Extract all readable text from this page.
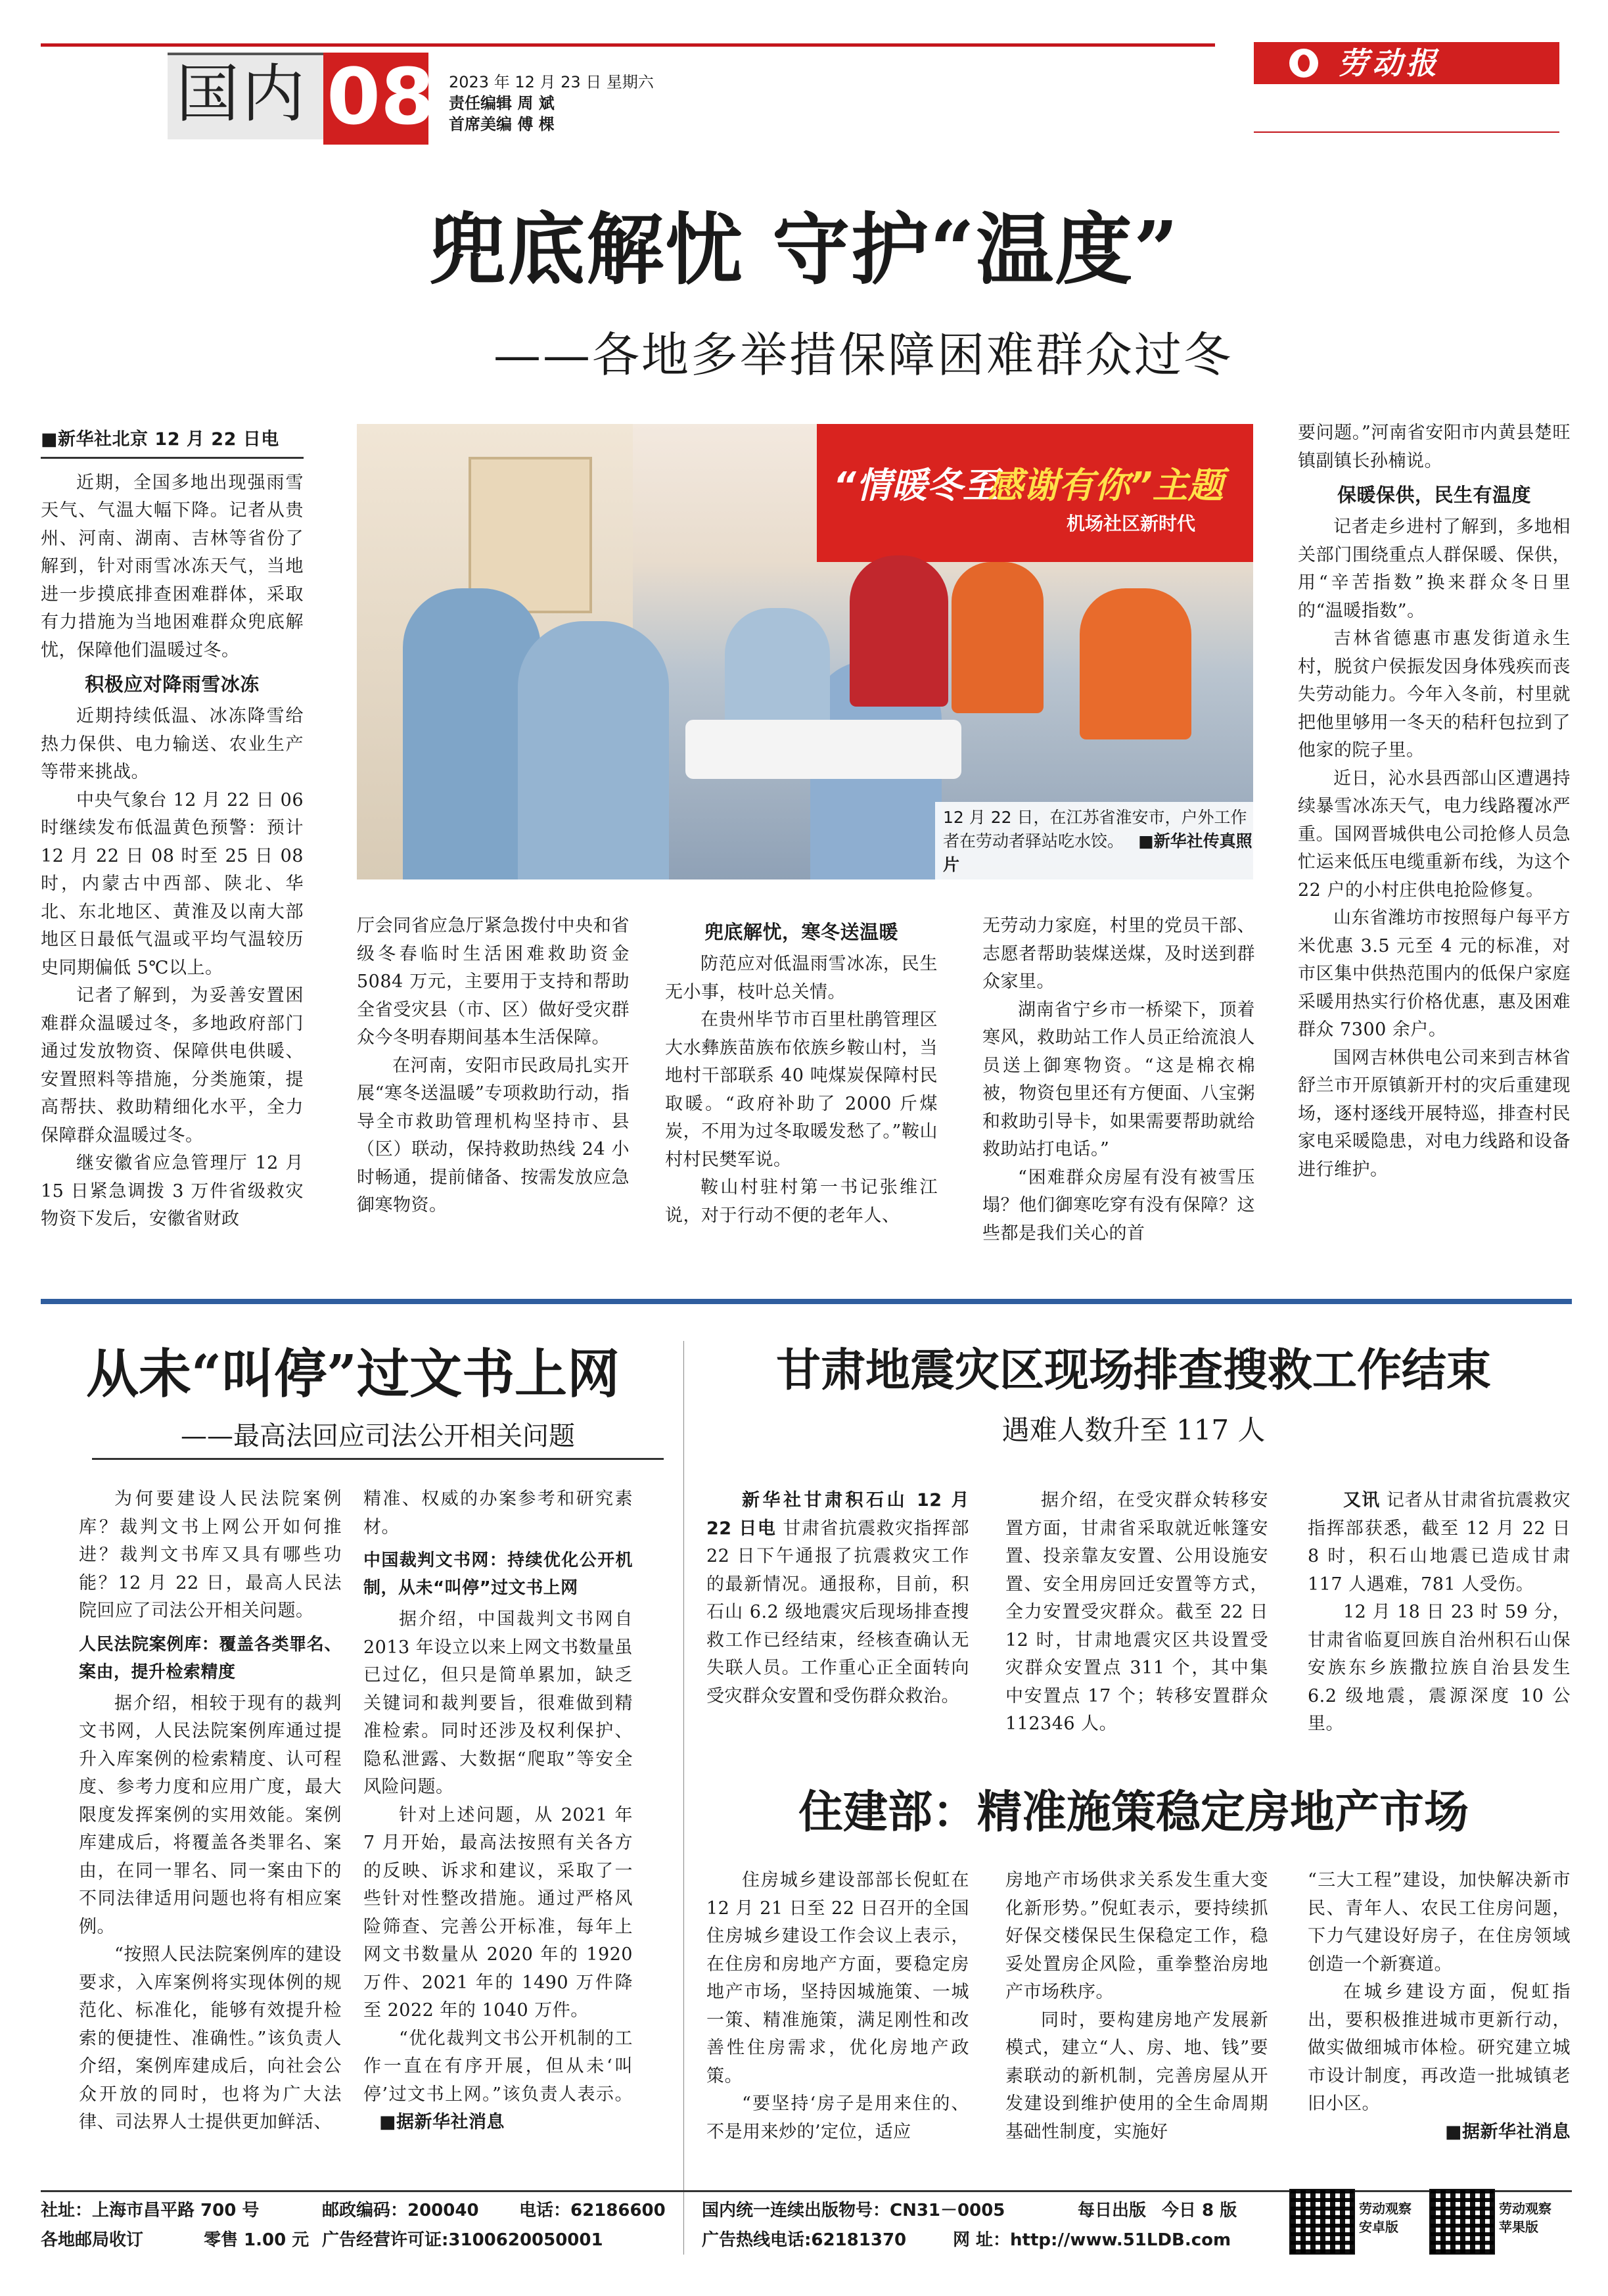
国内 08 2023 年 12 月 23 日 星期六
责任编辑 周 斌
首席美编 傅 棵
劳动报
兜底解忧 守护“温度”
——各地多举措保障困难群众过冬
■新华社北京 12 月 22 日电

近期，全国多地出现强雨雪天气、气温大幅下降。记者从贵州、河南、湖南、吉林等省份了解到，针对雨雪冰冻天气，当地进一步摸底排查困难群体，采取有力措施为当地困难群众兜底解忧，保障他们温暖过冬。

积极应对降雨雪冰冻

近期持续低温、冰冻降雪给热力保供、电力输送、农业生产等带来挑战。

中央气象台 12 月 22 日 06 时继续发布低温黄色预警：预计 12 月 22 日 08 时至 25 日 08 时，内蒙古中西部、陕北、华北、东北地区、黄淮及以南大部地区日最低气温或平均气温较历史同期偏低 5℃以上。

记者了解到，为妥善安置困难群众温暖过冬，多地政府部门通过发放物资、保障供电供暖、安置照料等措施，分类施策，提高帮扶、救助精细化水平，全力保障群众温暖过冬。

继安徽省应急管理厅 12 月 15 日紧急调拨 3 万件省级救灾物资下发后，安徽省财政

“情暖冬至
感谢有你”主题
机场社区新时代
12 月 22 日，在江苏省淮安市，户外工作者在劳动者驿站吃水饺。 ■新华社传真照片

厅会同省应急厅紧急拨付中央和省级冬春临时生活困难救助资金 5084 万元，主要用于支持和帮助全省受灾县（市、区）做好受灾群众今冬明春期间基本生活保障。

在河南，安阳市民政局扎实开展“寒冬送温暖”专项救助行动，指导全市救助管理机构坚持市、县（区）联动，保持救助热线 24 小时畅通，提前储备、按需发放应急御寒物资。

兜底解忧，寒冬送温暖

防范应对低温雨雪冰冻，民生无小事，枝叶总关情。

在贵州毕节市百里杜鹃管理区大水彝族苗族布依族乡鞍山村，当地村干部联系 40 吨煤炭保障村民取暖。“政府补助了 2000 斤煤炭，不用为过冬取暖发愁了。”鞍山村村民樊军说。

鞍山村驻村第一书记张维江说，对于行动不便的老年人、

无劳动力家庭，村里的党员干部、志愿者帮助装煤送煤，及时送到群众家里。

湖南省宁乡市一桥梁下，顶着寒风，救助站工作人员正给流浪人员送上御寒物资。“这是棉衣棉被，物资包里还有方便面、八宝粥和救助引导卡，如果需要帮助就给救助站打电话。”

“困难群众房屋有没有被雪压塌？他们御寒吃穿有没有保障？这些都是我们关心的首

要问题。”河南省安阳市内黄县楚旺镇副镇长孙楠说。

保暖保供，民生有温度

记者走乡进村了解到，多地相关部门围绕重点人群保暖、保供，用“辛苦指数”换来群众冬日里的“温暖指数”。

吉林省德惠市惠发街道永生村，脱贫户侯振发因身体残疾而丧失劳动能力。今年入冬前，村里就把他里够用一冬天的秸秆包拉到了他家的院子里。

近日，沁水县西部山区遭遇持续暴雪冰冻天气，电力线路覆冰严重。国网晋城供电公司抢修人员急忙运来低压电缆重新布线，为这个 22 户的小村庄供电抢险修复。

山东省潍坊市按照每户每平方米优惠 3.5 元至 4 元的标准，对市区集中供热范围内的低保户家庭采暖用热实行价格优惠，惠及困难群众 7300 余户。

国网吉林供电公司来到吉林省舒兰市开原镇新开村的灾后重建现场，逐村逐线开展特巡，排查村民家电采暖隐患，对电力线路和设备进行维护。

从未“叫停”过文书上网
——最高法回应司法公开相关问题

为何要建设人民法院案例库？裁判文书上网公开如何推进？裁判文书库又具有哪些功能？12 月 22 日，最高人民法院回应了司法公开相关问题。

人民法院案例库：覆盖各类罪名、案由，提升检索精度

据介绍，相较于现有的裁判文书网，人民法院案例库通过提升入库案例的检索精度、认可程度、参考力度和应用广度，最大限度发挥案例的实用效能。案例库建成后，将覆盖各类罪名、案由，在同一罪名、同一案由下的不同法律适用问题也将有相应案例。

“按照人民法院案例库的建设要求，入库案例将实现体例的规范化、标准化，能够有效提升检索的便捷性、准确性。”该负责人介绍，案例库建成后，向社会公众开放的同时，也将为广大法律、司法界人士提供更加鲜活、

精准、权威的办案参考和研究素材。

中国裁判文书网：持续优化公开机制，从未“叫停”过文书上网

据介绍，中国裁判文书网自 2013 年设立以来上网文书数量虽已过亿，但只是简单累加，缺乏关键词和裁判要旨，很难做到精准检索。同时还涉及权利保护、隐私泄露、大数据“爬取”等安全风险问题。

针对上述问题，从 2021 年 7 月开始，最高法按照有关各方的反映、诉求和建议，采取了一些针对性整改措施。通过严格风险筛查、完善公开标准，每年上网文书数量从 2020 年的 1920 万件、2021 年的 1490 万件降至 2022 年的 1040 万件。

“优化裁判文书公开机制的工作一直在有序开展，但从未‘叫停’过文书上网。”该负责人表示。 ■据新华社消息

甘肃地震灾区现场排查搜救工作结束
遇难人数升至 117 人

新华社甘肃积石山 12 月 22 日电 甘肃省抗震救灾指挥部 22 日下午通报了抗震救灾工作的最新情况。通报称，目前，积石山 6.2 级地震灾后现场排查搜救工作已经结束，经核查确认无失联人员。工作重心正全面转向受灾群众安置和受伤群众救治。

据介绍，在受灾群众转移安置方面，甘肃省采取就近帐篷安置、投亲靠友安置、公用设施安置、安全用房回迁安置等方式，全力安置受灾群众。截至 22 日 12 时，甘肃地震灾区共设置受灾群众安置点 311 个，其中集中安置点 17 个；转移安置群众 112346 人。

又讯 记者从甘肃省抗震救灾指挥部获悉，截至 12 月 22 日 8 时，积石山地震已造成甘肃 117 人遇难，781 人受伤。

12 月 18 日 23 时 59 分，甘肃省临夏回族自治州积石山保安族东乡族撒拉族自治县发生 6.2 级地震，震源深度 10 公里。

住建部：精准施策稳定房地产市场

住房城乡建设部部长倪虹在 12 月 21 日至 22 日召开的全国住房城乡建设工作会议上表示，在住房和房地产方面，要稳定房地产市场，坚持因城施策、一城一策、精准施策，满足刚性和改善性住房需求，优化房地产政策。

“要坚持‘房子是用来住的、不是用来炒的’定位，适应

房地产市场供求关系发生重大变化新形势。”倪虹表示，要持续抓好保交楼保民生保稳定工作，稳妥处置房企风险，重拳整治房地产市场秩序。

同时，要构建房地产发展新模式，建立“人、房、地、钱”要素联动的新机制，完善房屋从开发建设到维护使用的全生命周期基础性制度，实施好

“三大工程”建设，加快解决新市民、青年人、农民工住房问题，下力气建设好房子，在住房领域创造一个新赛道。

在城乡建设方面，倪虹指出，要积极推进城市更新行动，做实做细城市体检。研究建立城市设计制度，再改造一批城镇老旧小区。

■据新华社消息
社址：上海市昌平路 700 号	邮政编码：200040 电话：62186600
各地邮局收订	零售 1.00 元 广告经营许可证:3100620050001
国内统一连续出版物号：CN31－0005	每日出版 今日 8 版
广告热线电话:62181370	网 址：http://www.51LDB.com
劳动观察
安卓版
劳动观察
苹果版
